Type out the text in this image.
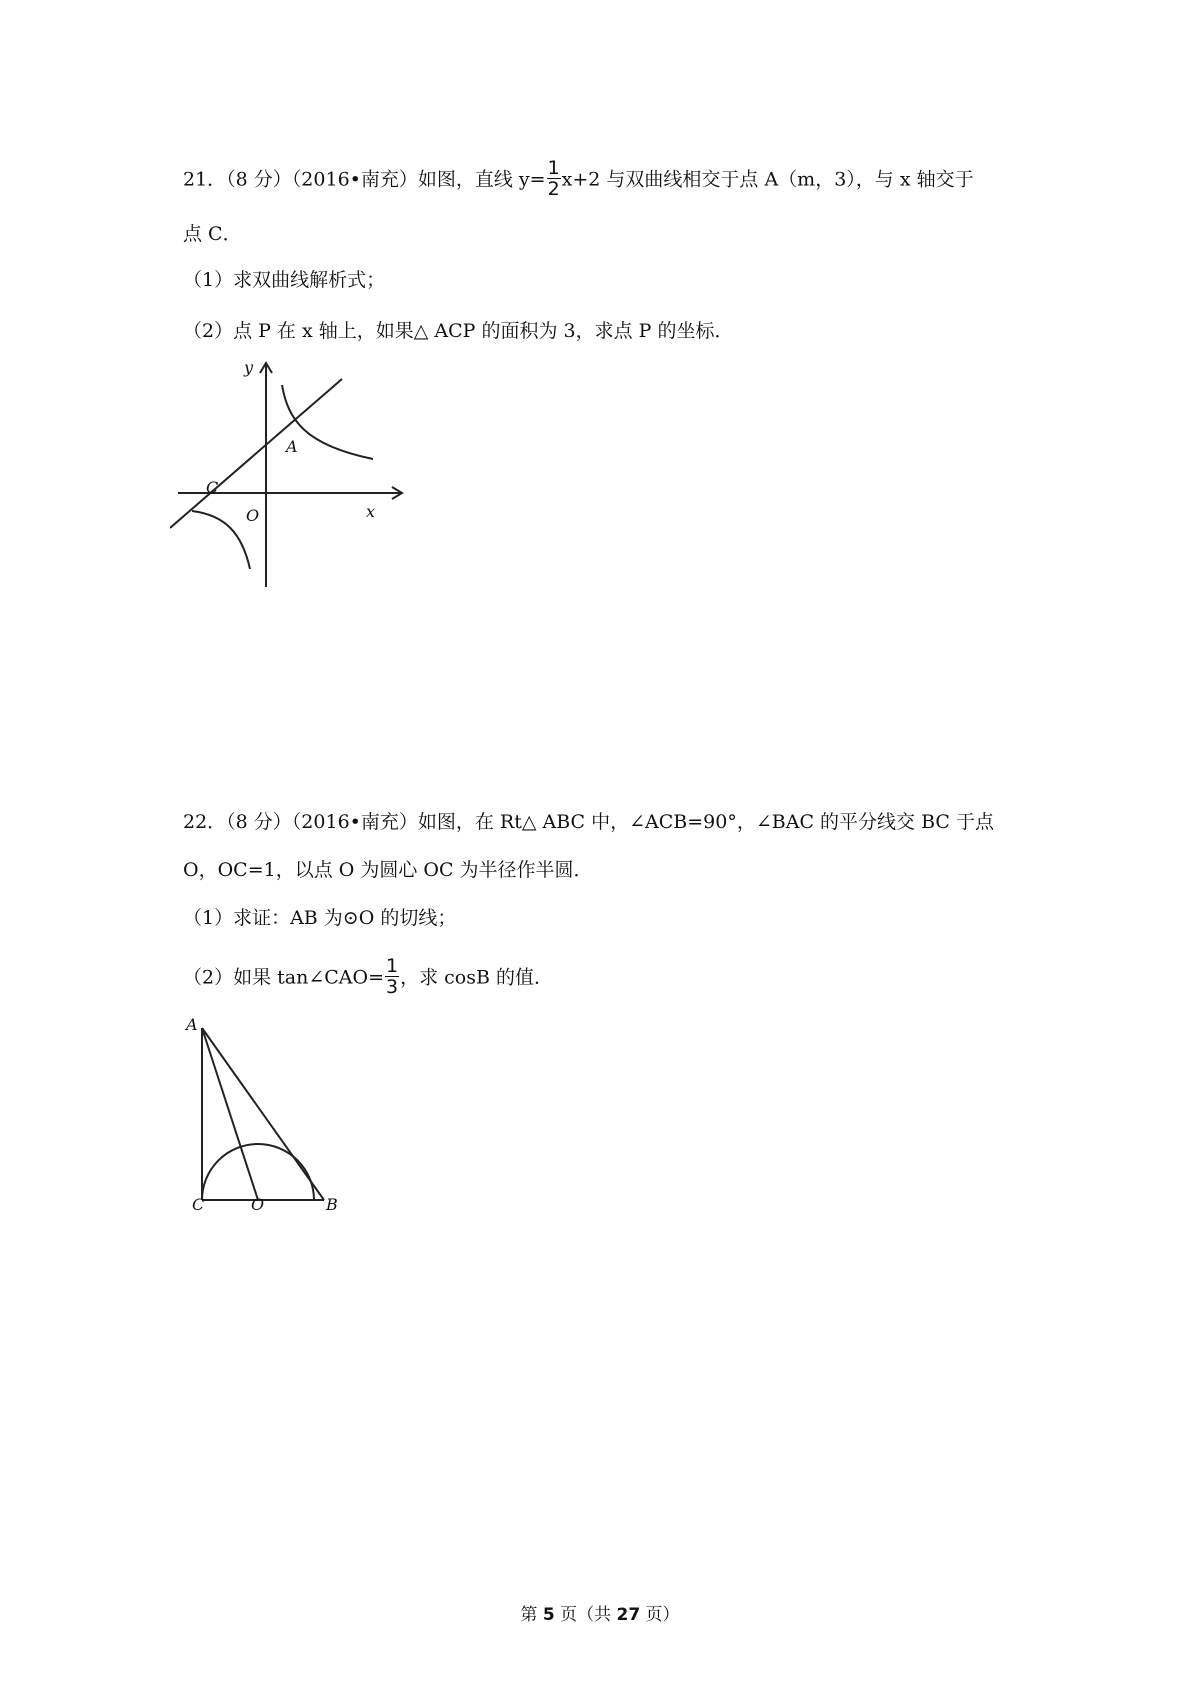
21．（8 分）（2016•南充）如图，直线 $y= \frac{1}{2} x+2$ 与双曲线相交于点 A（m，3），与 x 轴交于
点 C．
（1）求双曲线解析式；
（2）点 P 在 x 轴上，如果△ ACP 的面积为 3，求点 P 的坐标．
y
x
O
A
C
22．（8 分）（2016•南充）如图，在 Rt△ ABC 中，∠ACB=90°，∠BAC 的平分线交 BC 于点
O，OC=1，以点 O 为圆心 OC 为半径作半圆．
（1）求证：AB 为⊙O 的切线；
（2）如果 tan∠CAO= $\frac{1}{3}$ ，求 cosB 的值．
A
C	O	B
第 5 页（共 27 页）
